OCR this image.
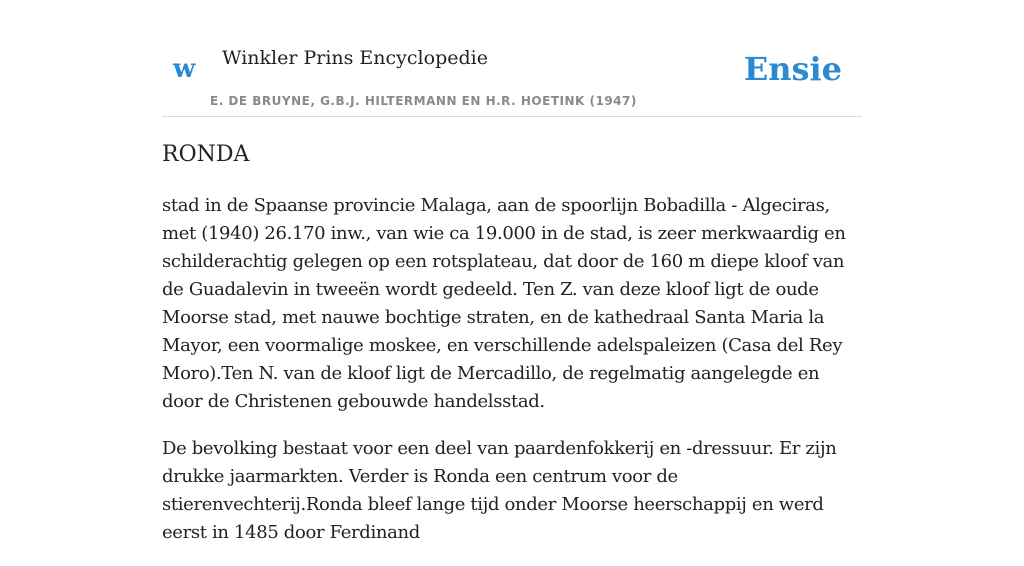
w Winkler Prins Encyclopedie
E. DE BRUYNE, G.B.J. HILTERMANN EN H.R. HOETINK (1947)
Ensie
RONDA

stad in de Spaanse provincie Malaga, aan de spoorlijn Bobadilla - Algeciras, met (1940) 26.170 inw., van wie ca 19.000 in de stad, is zeer merkwaardig en schilderachtig gelegen op een rotsplateau, dat door de 160 m diepe kloof van de Guadalevin in tweeën wordt gedeeld. Ten Z. van deze kloof ligt de oude Moorse stad, met nauwe bochtige straten, en de kathedraal Santa Maria la Mayor, een voormalige moskee, en verschillende adelspaleizen (Casa del Rey Moro).Ten N. van de kloof ligt de Mercadillo, de regelmatig aangelegde en door de Christenen gebouwde handelsstad.

De bevolking bestaat voor een deel van paardenfokkerij en -dressuur. Er zijn drukke jaarmarkten. Verder is Ronda een centrum voor de stierenvechterij.Ronda bleef lange tijd onder Moorse heerschappij en werd eerst in 1485 door Ferdinand
